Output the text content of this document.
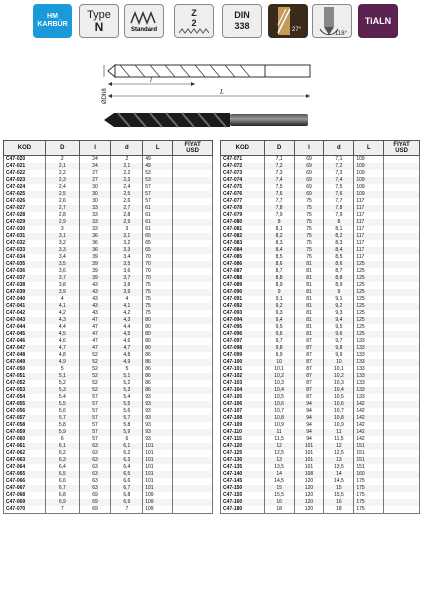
HM
KARBÜR
Type
N	Standard
Z
2
DIN
338	27°
118°
TiALN
l
L
ØDh8
KOD	D	l	d	L	FİYAT
USD

C47-020	2	24	2	49	
C47-021	2,1	24	2,1	49	
C47-022	2,2	27	2,2	53	
C47-023	2,3	27	2,3	53	
C47-024	2,4	30	2,4	57	
C47-025	2,5	30	2,5	57	
C47-026	2,6	30	2,6	57	
C47-027	2,7	33	2,7	61	
C47-028	2,8	33	2,8	61	
C47-029	2,9	33	2,9	61	
C47-030	3	33	3	61	
C47-031	3,1	36	3,1	65	
C47-032	3,2	36	3,2	65	
C47-033	3,3	36	3,3	65	
C47-034	3,4	39	3,4	70	
C47-035	3,5	39	3,5	70	
C47-036	3,6	39	3,6	70	
C47-037	3,7	39	3,7	70	
C47-038	3,8	43	3,8	75	
C47-039	3,9	43	3,9	75	
C47-040	4	43	4	75	
C47-041	4,1	43	4,1	75	
C47-042	4,2	43	4,2	75	
C47-043	4,3	47	4,3	80	
C47-044	4,4	47	4,4	80	
C47-045	4,5	47	4,5	80	
C47-046	4,6	47	4,6	80	
C47-047	4,7	47	4,7	80	
C47-048	4,8	52	4,8	86	
C47-049	4,9	52	4,9	86	
C47-050	5	52	5	86	
C47-051	5,1	52	5,1	86	
C47-052	5,2	52	5,2	86	
C47-053	5,3	52	5,3	86	
C47-054	5,4	57	5,4	93	
C47-055	5,5	57	5,5	93	
C47-056	5,6	57	5,6	93	
C47-057	5,7	57	5,7	93	
C47-058	5,8	57	5,8	93	
C47-059	5,9	57	5,9	93	
C47-060	6	57	6	93	
C47-061	6,1	63	6,1	101	
C47-062	6,2	63	6,2	101	
C47-063	6,3	63	6,3	101	
C47-064	6,4	63	6,4	101	
C47-065	6,5	63	6,5	101	
C47-066	6,6	63	6,6	101	
C47-067	6,7	63	6,7	101	
C47-068	6,8	69	6,8	109	
C47-069	6,9	69	6,9	109	
C47-070	7	69	7	109	
KOD	D	l	d	L	FİYAT
USD

C47-071	7,1	69	7,1	109	
C47-072	7,2	69	7,2	109	
C47-073	7,3	69	7,3	109	
C47-074	7,4	69	7,4	109	
C47-075	7,5	69	7,5	109	
C47-076	7,6	69	7,6	109	
C47-077	7,7	75	7,7	117	
C47-078	7,8	75	7,8	117	
C47-079	7,9	75	7,9	117	
C47-080	8	75	8	117	
C47-081	8,1	75	8,1	117	
C47-082	8,2	75	8,2	117	
C47-083	8,3	75	8,3	117	
C47-084	8,4	75	8,4	117	
C47-085	8,5	75	8,5	117	
C47-086	8,6	81	8,6	125	
C47-087	8,7	81	8,7	125	
C47-088	8,8	81	8,8	125	
C47-089	8,9	81	8,9	125	
C47-090	9	81	9	125	
C47-091	9,1	81	9,1	125	
C47-092	9,2	81	9,2	125	
C47-093	9,3	81	9,3	125	
C47-094	9,4	81	9,4	125	
C47-095	9,5	81	9,5	125	
C47-096	9,6	81	9,6	125	
C47-097	9,7	87	9,7	133	
C47-098	9,8	87	9,8	133	
C47-099	9,9	87	9,9	133	
C47-100	10	87	10	133	
C47-101	10,1	87	10,1	133	
C47-102	10,2	87	10,2	133	
C47-103	10,3	87	10,3	133	
C47-104	10,4	87	10,4	133	
C47-105	10,5	87	10,5	133	
C47-106	10,6	94	10,6	142	
C47-107	10,7	94	10,7	142	
C47-108	10,8	94	10,8	142	
C47-109	10,9	94	10,9	142	
C47-110	11	94	11	142	
C47-115	11,5	94	11,5	142	
C47-120	12	101	12	151	
C47-125	12,5	101	12,5	151	
C47-130	13	101	13	151	
C47-135	13,5	101	13,5	151	
C47-140	14	108	14	160	
C47-145	14,5	120	14,5	175	
C47-150	15	120	15	175	
C47-155	15,5	120	15,5	175	
C47-160	16	120	16	175	
C47-180	18	120	18	175	
